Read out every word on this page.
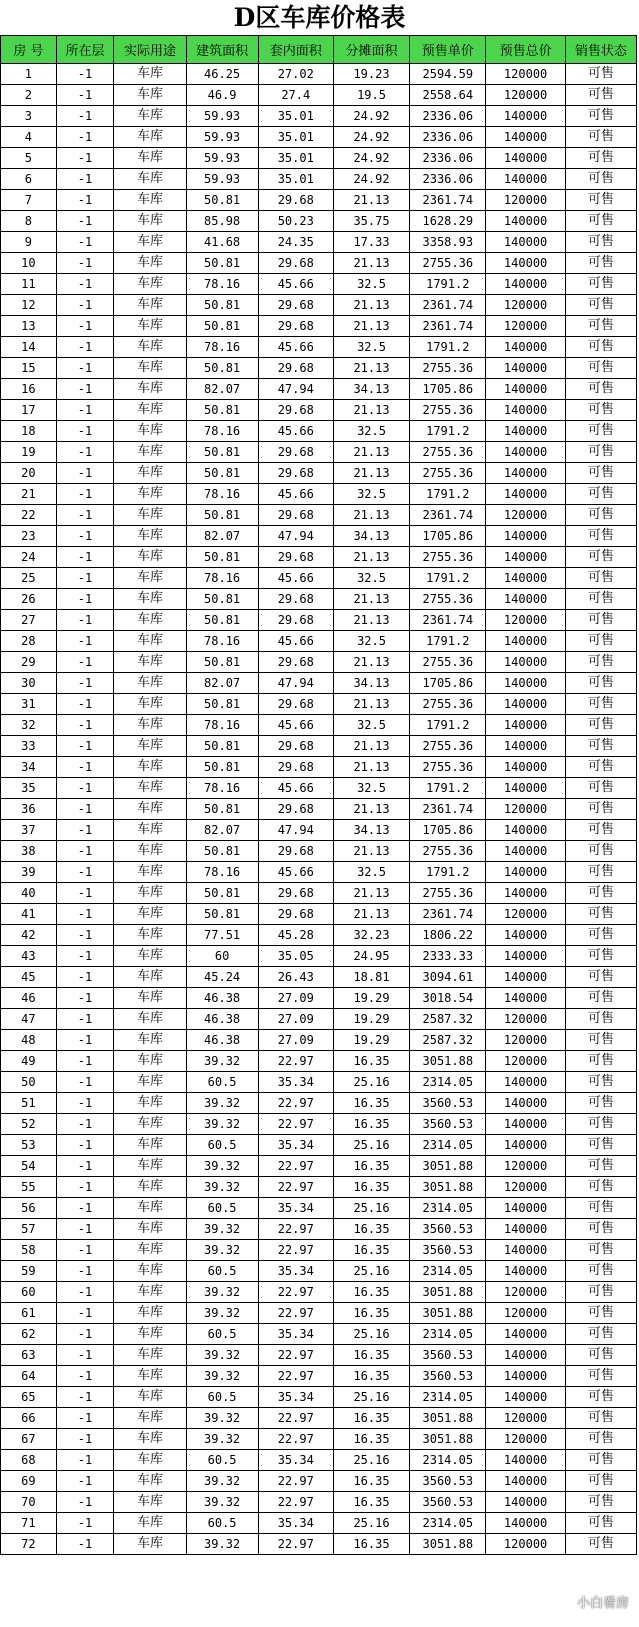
D区车库价格表
房 号	所在层	实际用途	建筑面积	套内面积	分摊面积	预售单价	预售总价	销售状态
1	-1	车库	46.25	27.02	19.23	2594.59	120000	可售
2	-1	车库	46.9	27.4	19.5	2558.64	120000	可售
3	-1	车库	59.93	35.01	24.92	2336.06	140000	可售
4	-1	车库	59.93	35.01	24.92	2336.06	140000	可售
5	-1	车库	59.93	35.01	24.92	2336.06	140000	可售
6	-1	车库	59.93	35.01	24.92	2336.06	140000	可售
7	-1	车库	50.81	29.68	21.13	2361.74	120000	可售
8	-1	车库	85.98	50.23	35.75	1628.29	140000	可售
9	-1	车库	41.68	24.35	17.33	3358.93	140000	可售
10	-1	车库	50.81	29.68	21.13	2755.36	140000	可售
11	-1	车库	78.16	45.66	32.5	1791.2	140000	可售
12	-1	车库	50.81	29.68	21.13	2361.74	120000	可售
13	-1	车库	50.81	29.68	21.13	2361.74	120000	可售
14	-1	车库	78.16	45.66	32.5	1791.2	140000	可售
15	-1	车库	50.81	29.68	21.13	2755.36	140000	可售
16	-1	车库	82.07	47.94	34.13	1705.86	140000	可售
17	-1	车库	50.81	29.68	21.13	2755.36	140000	可售
18	-1	车库	78.16	45.66	32.5	1791.2	140000	可售
19	-1	车库	50.81	29.68	21.13	2755.36	140000	可售
20	-1	车库	50.81	29.68	21.13	2755.36	140000	可售
21	-1	车库	78.16	45.66	32.5	1791.2	140000	可售
22	-1	车库	50.81	29.68	21.13	2361.74	120000	可售
23	-1	车库	82.07	47.94	34.13	1705.86	140000	可售
24	-1	车库	50.81	29.68	21.13	2755.36	140000	可售
25	-1	车库	78.16	45.66	32.5	1791.2	140000	可售
26	-1	车库	50.81	29.68	21.13	2755.36	140000	可售
27	-1	车库	50.81	29.68	21.13	2361.74	120000	可售
28	-1	车库	78.16	45.66	32.5	1791.2	140000	可售
29	-1	车库	50.81	29.68	21.13	2755.36	140000	可售
30	-1	车库	82.07	47.94	34.13	1705.86	140000	可售
31	-1	车库	50.81	29.68	21.13	2755.36	140000	可售
32	-1	车库	78.16	45.66	32.5	1791.2	140000	可售
33	-1	车库	50.81	29.68	21.13	2755.36	140000	可售
34	-1	车库	50.81	29.68	21.13	2755.36	140000	可售
35	-1	车库	78.16	45.66	32.5	1791.2	140000	可售
36	-1	车库	50.81	29.68	21.13	2361.74	120000	可售
37	-1	车库	82.07	47.94	34.13	1705.86	140000	可售
38	-1	车库	50.81	29.68	21.13	2755.36	140000	可售
39	-1	车库	78.16	45.66	32.5	1791.2	140000	可售
40	-1	车库	50.81	29.68	21.13	2755.36	140000	可售
41	-1	车库	50.81	29.68	21.13	2361.74	120000	可售
42	-1	车库	77.51	45.28	32.23	1806.22	140000	可售
43	-1	车库	60	35.05	24.95	2333.33	140000	可售
45	-1	车库	45.24	26.43	18.81	3094.61	140000	可售
46	-1	车库	46.38	27.09	19.29	3018.54	140000	可售
47	-1	车库	46.38	27.09	19.29	2587.32	120000	可售
48	-1	车库	46.38	27.09	19.29	2587.32	120000	可售
49	-1	车库	39.32	22.97	16.35	3051.88	120000	可售
50	-1	车库	60.5	35.34	25.16	2314.05	140000	可售
51	-1	车库	39.32	22.97	16.35	3560.53	140000	可售
52	-1	车库	39.32	22.97	16.35	3560.53	140000	可售
53	-1	车库	60.5	35.34	25.16	2314.05	140000	可售
54	-1	车库	39.32	22.97	16.35	3051.88	120000	可售
55	-1	车库	39.32	22.97	16.35	3051.88	120000	可售
56	-1	车库	60.5	35.34	25.16	2314.05	140000	可售
57	-1	车库	39.32	22.97	16.35	3560.53	140000	可售
58	-1	车库	39.32	22.97	16.35	3560.53	140000	可售
59	-1	车库	60.5	35.34	25.16	2314.05	140000	可售
60	-1	车库	39.32	22.97	16.35	3051.88	120000	可售
61	-1	车库	39.32	22.97	16.35	3051.88	120000	可售
62	-1	车库	60.5	35.34	25.16	2314.05	140000	可售
63	-1	车库	39.32	22.97	16.35	3560.53	140000	可售
64	-1	车库	39.32	22.97	16.35	3560.53	140000	可售
65	-1	车库	60.5	35.34	25.16	2314.05	140000	可售
66	-1	车库	39.32	22.97	16.35	3051.88	120000	可售
67	-1	车库	39.32	22.97	16.35	3051.88	120000	可售
68	-1	车库	60.5	35.34	25.16	2314.05	140000	可售
69	-1	车库	39.32	22.97	16.35	3560.53	140000	可售
70	-1	车库	39.32	22.97	16.35	3560.53	140000	可售
71	-1	车库	60.5	35.34	25.16	2314.05	140000	可售
72	-1	车库	39.32	22.97	16.35	3051.88	120000	可售
小白看房
